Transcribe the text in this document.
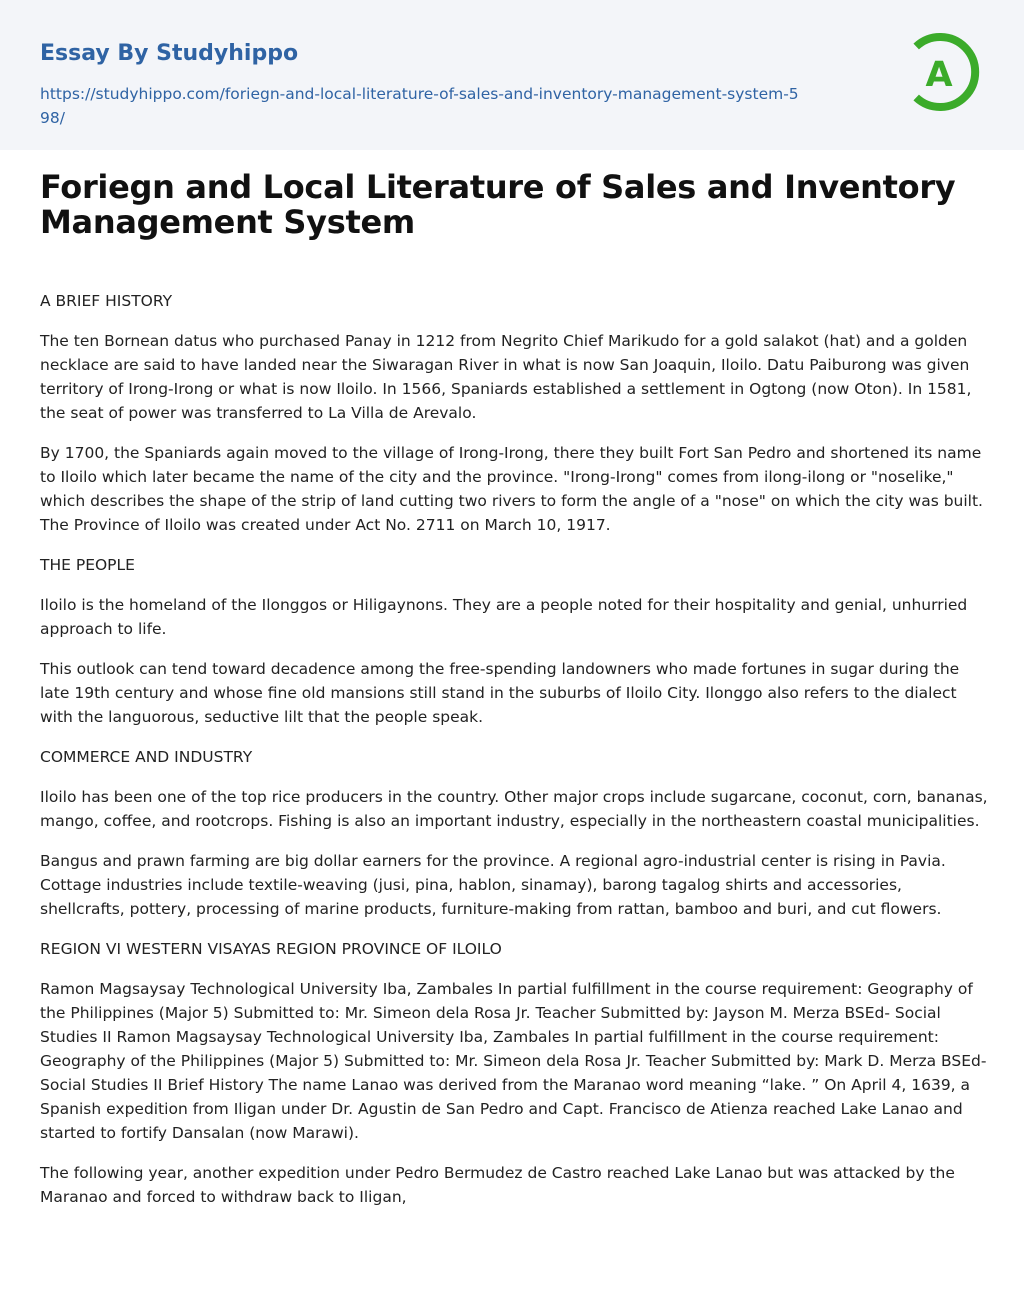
Essay By Studyhippo
https://studyhippo.com/foriegn-and-local-literature-of-sales-and-inventory-management-system-598/
A
Foriegn and Local Literature of Sales and Inventory Management System

A BRIEF HISTORY

The ten Bornean datus who purchased Panay in 1212 from Negrito Chief Marikudo for a gold salakot (hat) and a golden necklace are said to have landed near the Siwaragan River in what is now San Joaquin, Iloilo. Datu Paiburong was given territory of Irong-Irong or what is now Iloilo. In 1566, Spaniards established a settlement in Ogtong (now Oton). In 1581, the seat of power was transferred to La Villa de Arevalo.

By 1700, the Spaniards again moved to the village of Irong-Irong, there they built Fort San Pedro and shortened its name to Iloilo which later became the name of the city and the province. "Irong-Irong" comes from ilong-ilong or "noselike," which describes the shape of the strip of land cutting two rivers to form the angle of a "nose" on which the city was built. The Province of Iloilo was created under Act No. 2711 on March 10, 1917.

THE PEOPLE

Iloilo is the homeland of the Ilonggos or Hiligaynons. They are a people noted for their hospitality and genial, unhurried approach to life.

This outlook can tend toward decadence among the free-spending landowners who made fortunes in sugar during the late 19th century and whose fine old mansions still stand in the suburbs of Iloilo City. Ilonggo also refers to the dialect with the languorous, seductive lilt that the people speak.

COMMERCE AND INDUSTRY

Iloilo has been one of the top rice producers in the country. Other major crops include sugarcane, coconut, corn, bananas, mango, coffee, and rootcrops. Fishing is also an important industry, especially in the northeastern coastal municipalities.

Bangus and prawn farming are big dollar earners for the province. A regional agro-industrial center is rising in Pavia. Cottage industries include textile-weaving (jusi, pina, hablon, sinamay), barong tagalog shirts and accessories, shellcrafts, pottery, processing of marine products, furniture-making from rattan, bamboo and buri, and cut flowers.

REGION VI WESTERN VISAYAS REGION PROVINCE OF ILOILO

Ramon Magsaysay Technological University Iba, Zambales In partial fulfillment in the course requirement: Geography of the Philippines (Major 5) Submitted to: Mr. Simeon dela Rosa Jr. Teacher Submitted by: Jayson M. Merza BSEd- Social Studies II Ramon Magsaysay Technological University Iba, Zambales In partial fulfillment in the course requirement: Geography of the Philippines (Major 5) Submitted to: Mr. Simeon dela Rosa Jr. Teacher Submitted by: Mark D. Merza BSEd- Social Studies II Brief History The name Lanao was derived from the Maranao word meaning “lake. ” On April 4, 1639, a Spanish expedition from Iligan under Dr. Agustin de San Pedro and Capt. Francisco de Atienza reached Lake Lanao and started to fortify Dansalan (now Marawi).

The following year, another expedition under Pedro Bermudez de Castro reached Lake Lanao but was attacked by the Maranao and forced to withdraw back to Iligan,
